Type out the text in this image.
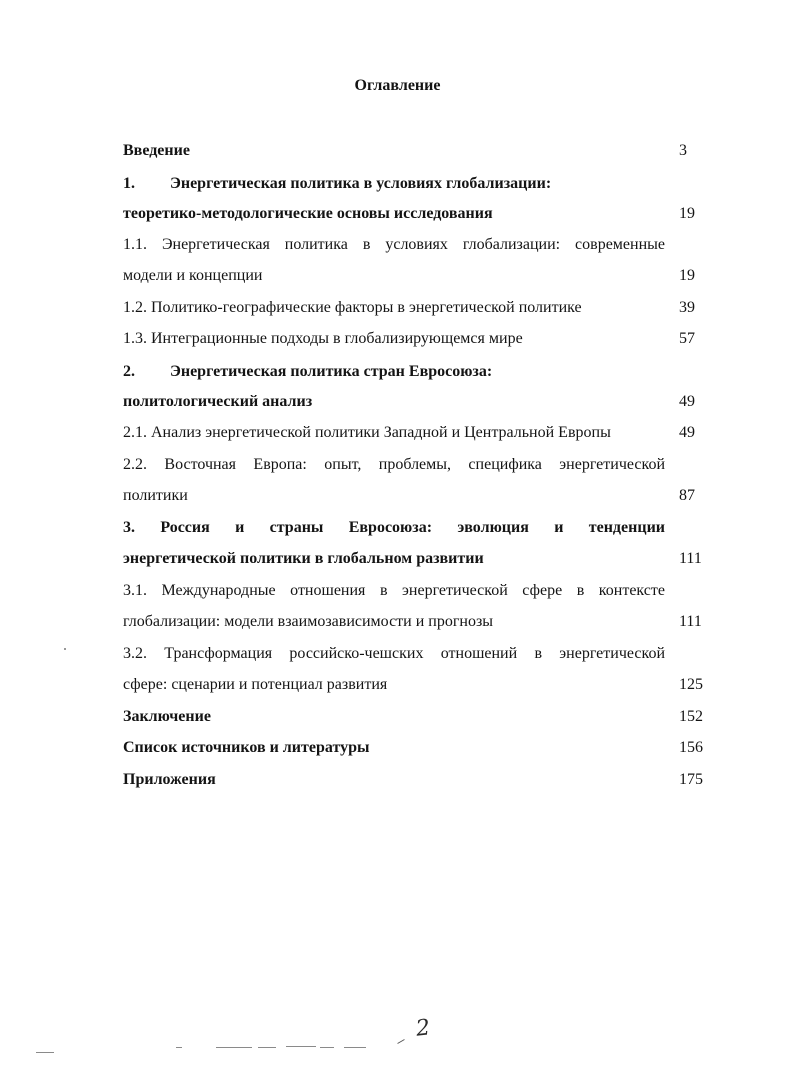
Оглавление
Введение	3
1. Энергетическая политика в условиях глобализации:
теоретико-методологические основы исследования	19
1.1. Энергетическая политика в условиях глобализации: современные
модели и концепции	19
1.2. Политико-географические факторы в энергетической политике	39
1.3. Интеграционные подходы в глобализирующемся мире	57
2. Энергетическая политика стран Евросоюза:
политологический анализ	49
2.1. Анализ энергетической политики Западной и Центральной Европы	49
2.2. Восточная Европа: опыт, проблемы, специфика энергетической
политики	87
3. Россия и страны Евросоюза: эволюция и тенденции
энергетической политики в глобальном развитии	111
3.1. Международные отношения в энергетической сфере в контексте
глобализации: модели взаимозависимости и прогнозы	111
3.2. Трансформация российско-чешских отношений в энергетической
сфере: сценарии и потенциал развития	125
Заключение	152
Список источников и литературы	156
Приложения	175
2
